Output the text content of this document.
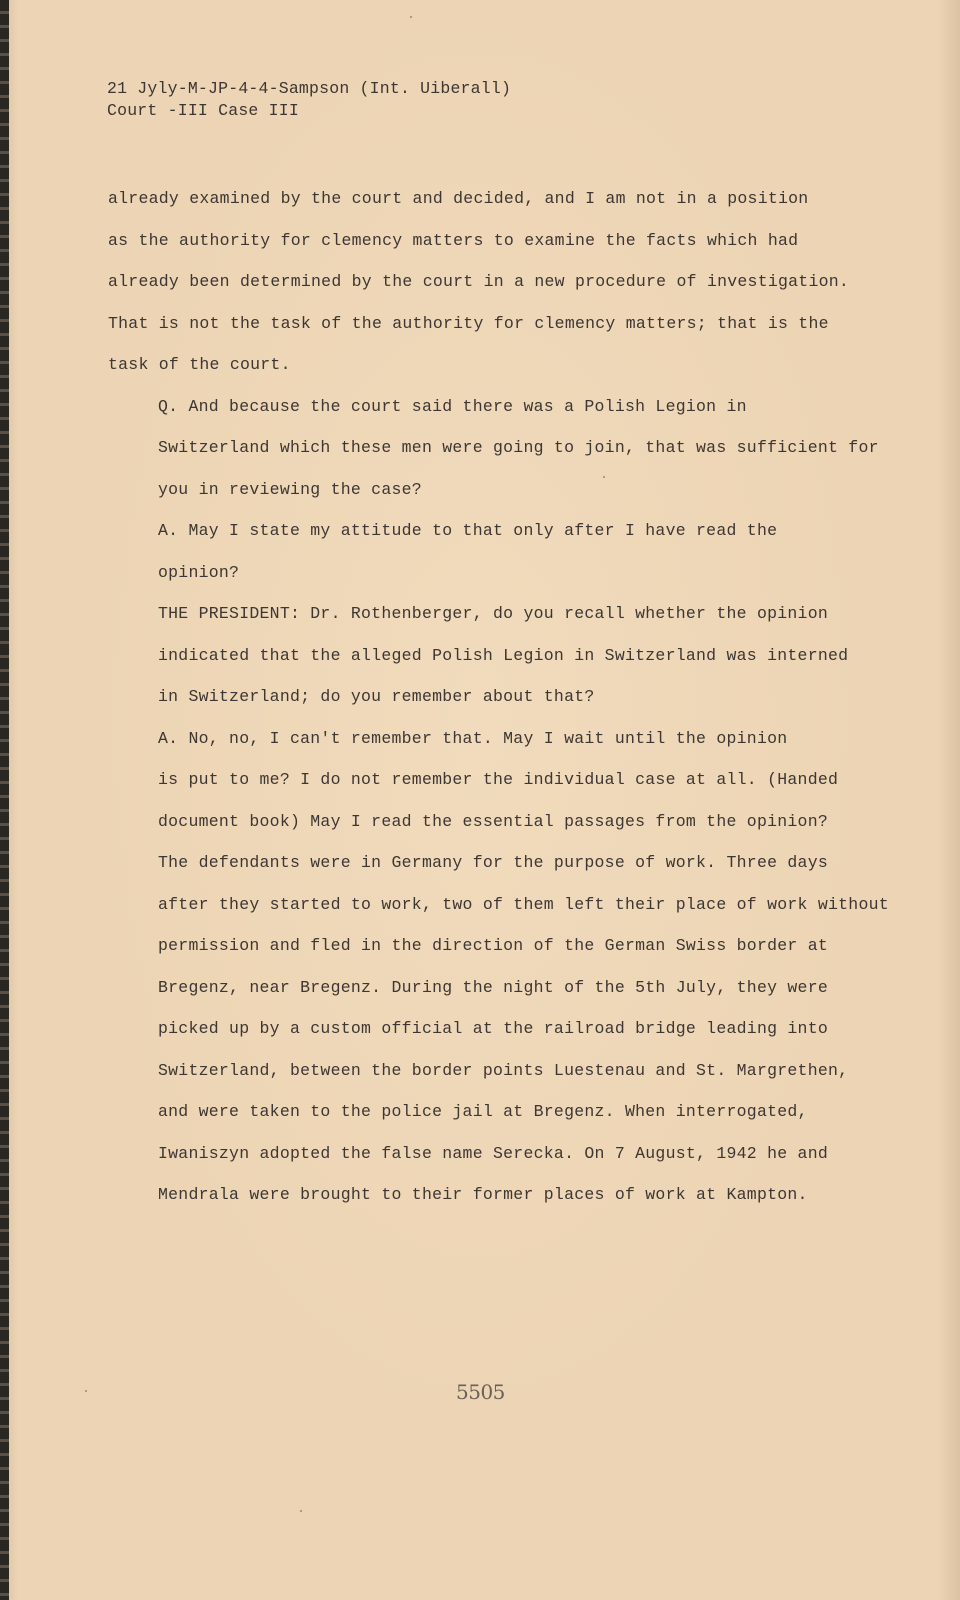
21 Jyly-M-JP-4-4-Sampson (Int. Uiberall)
Court -III Case III

already examined by the court and decided, and I am not in a position
as the authority for clemency matters to examine the facts which had
already been determined by the court in a new procedure of investigation.
That is not the task of the authority for clemency matters; that is the
task of the court.

Q. And because the court said there was a Polish Legion in
Switzerland which these men were going to join, that was sufficient for
you in reviewing the case?

A. May I state my attitude to that only after I have read the
opinion?

THE PRESIDENT: Dr. Rothenberger, do you recall whether the opinion
indicated that the alleged Polish Legion in Switzerland was interned
in Switzerland; do you remember about that?

A. No, no, I can't remember that. May I wait until the opinion
is put to me? I do not remember the individual case at all. (Handed
document book) May I read the essential passages from the opinion?
The defendants were in Germany for the purpose of work. Three days
after they started to work, two of them left their place of work without
permission and fled in the direction of the German Swiss border at
Bregenz, near Bregenz. During the night of the 5th July, they were
picked up by a custom official at the railroad bridge leading into
Switzerland, between the border points Luestenau and St. Margrethen,
and were taken to the police jail at Bregenz. When interrogated,
Iwaniszyn adopted the false name Serecka. On 7 August, 1942 he and
Mendrala were brought to their former places of work at Kampton.

5505
